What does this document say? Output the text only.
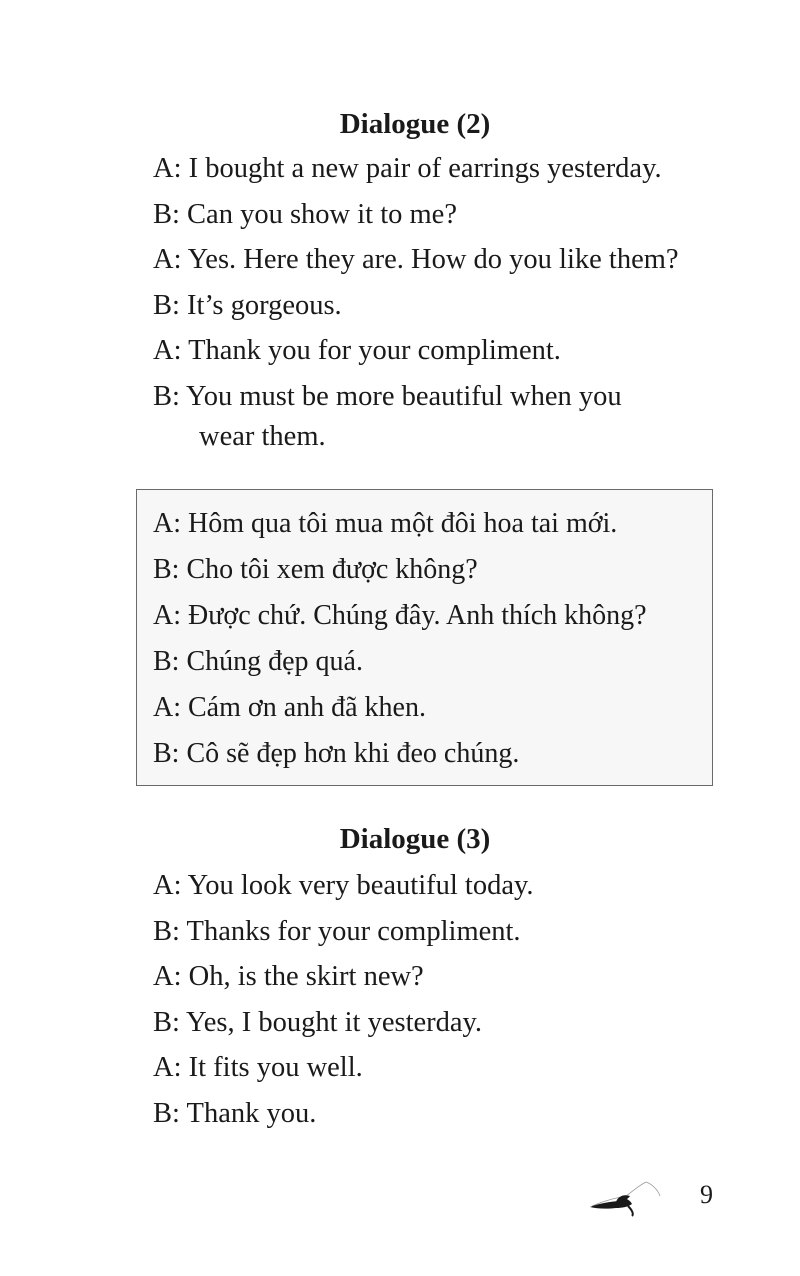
Dialogue (2)
A: I bought a new pair of earrings yesterday.
B: Can you show it to me?
A: Yes. Here they are. How do you like them?
B: It’s gorgeous.
A: Thank you for your compliment.
B: You must be more beautiful when you
wear them.
A: Hôm qua tôi mua một đôi hoa tai mới.
B: Cho tôi xem được không?
A: Được chứ. Chúng đây. Anh thích không?
B: Chúng đẹp quá.
A: Cám ơn anh đã khen.
B: Cô sẽ đẹp hơn khi đeo chúng.
Dialogue (3)
A: You look very beautiful today.
B: Thanks for your compliment.
A: Oh, is the skirt new?
B: Yes, I bought it yesterday.
A: It fits you well.
B: Thank you.

9
